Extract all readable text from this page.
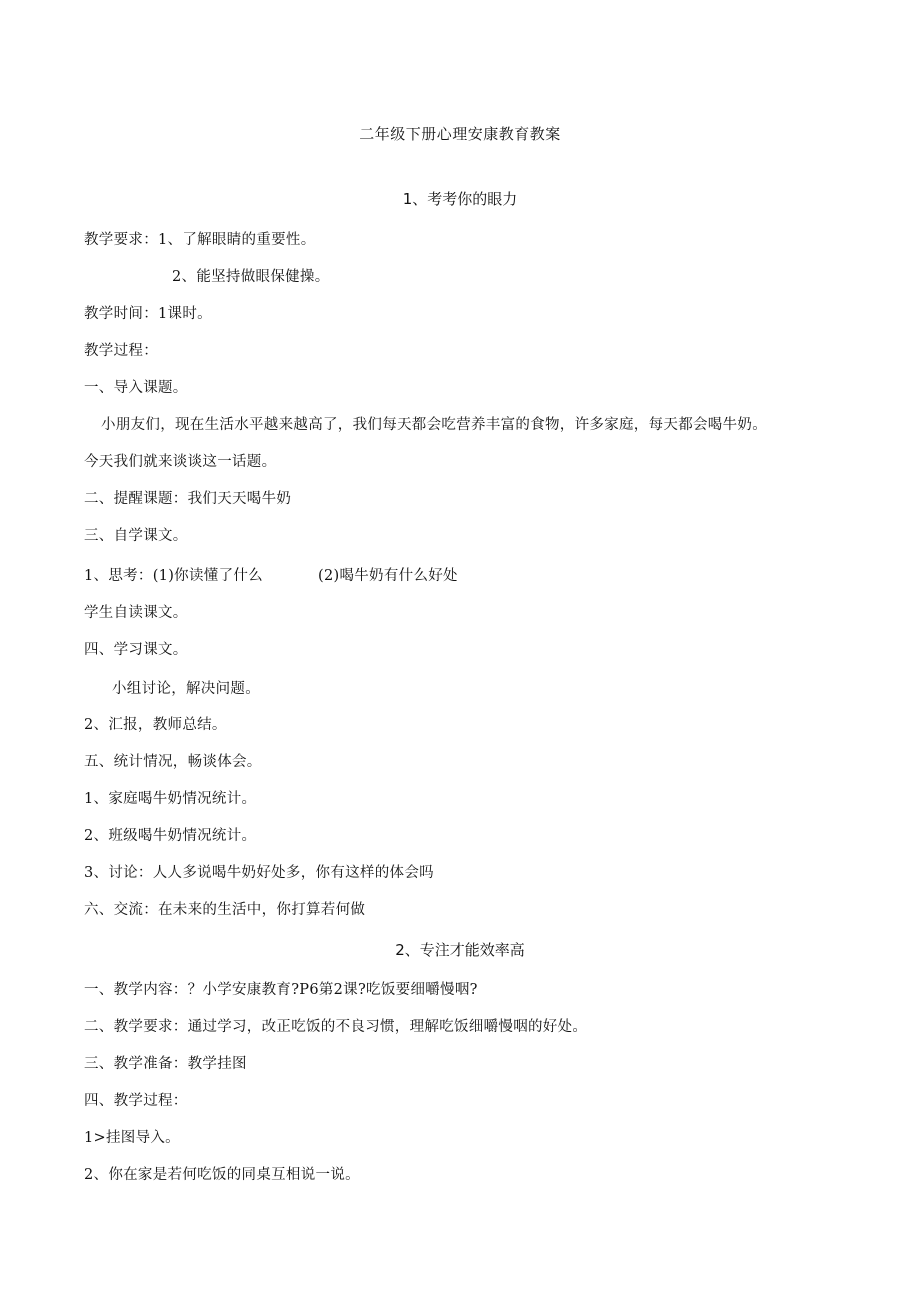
二年级下册心理安康教育教案
1、考考你的眼力
教学要求：1、了解眼睛的重要性。
2、能坚持做眼保健操。
教学时间：1课时。
教学过程：
一、导入课题。
小朋友们，现在生活水平越来越高了，我们每天都会吃营养丰富的食物，许多家庭，每天都会喝牛奶。
今天我们就来谈谈这一话题。
二、提醒课题：我们天天喝牛奶
三、自学课文。
1、思考：(1)你读懂了什么	(2)喝牛奶有什么好处
学生自读课文。
四、学习课文。
小组讨论，解决问题。
2、汇报，教师总结。
五、统计情况，畅谈体会。
1、家庭喝牛奶情况统计。
2、班级喝牛奶情况统计。
3、讨论：人人多说喝牛奶好处多，你有这样的体会吗
六、交流：在未来的生活中，你打算若何做
2、专注才能效率高
一、教学内容：？小学安康教育?P6第2课?吃饭要细嚼慢咽?
二、教学要求：通过学习，改正吃饭的不良习惯，理解吃饭细嚼慢咽的好处。
三、教学准备：教学挂图
四、教学过程：
1>挂图导入。
2、你在家是若何吃饭的同桌互相说一说。
